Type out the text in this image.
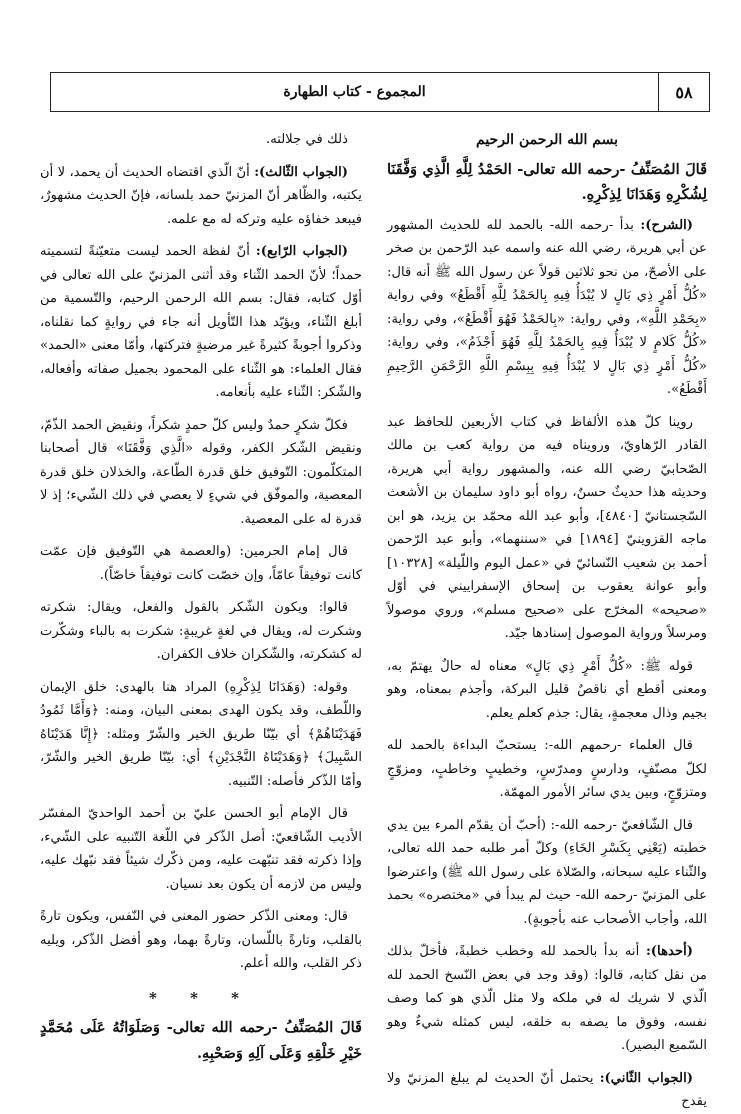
٥٨
المجموع - كتاب الطهارة
بسم الله الرحمن الرحيم
قَالَ المُصَنِّفُ -رحمه الله تعالى- الحَمْدُ لِلَّهِ الَّذِي وَفَّقَنَا لِشُكْرِهِ وَهَدَانَا لِذِكْرِهِ.

(الشرح): بدأ -رحمه الله- بالحمد لله للحديث المشهور عن أبي هريرة، رضي الله عنه واسمه عبد الرّحمن بن صخر على الأصحّ، من نحو ثلاثين قولاً عن رسول الله ﷺ أنه قال: «كُلُّ أَمْرٍ ذِي بَالٍ لا يُبْدَأُ فِيهِ بِالحَمْدُ لِلَّهِ أَقْطَعُ» وفي رواية «بِحَمْدِ اللَّهِ»، وفي رواية: «بِالحَمْدُ فَهُوَ أَقْطَعُ»، وفي رواية: «كُلُّ كَلامٍ لا يُبْدَأُ فِيهِ بِالحَمْدُ لِلَّهِ فَهُوَ أَجْذَمُ»، وفي رواية: «كُلُّ أَمْرٍ ذِي بَالٍ لا يُبْدَأُ فِيهِ بِبِسْمِ اللَّهِ الرَّحْمَنِ الرَّحِيمِ أَقْطَعُ».

روينا كلّ هذه الألفاظ في كتاب الأربعين للحافظ عبد القادر الرّهاويّ، ورويناه فيه من رواية كعب بن مالك الصّحابيّ رضي الله عنه، والمشهور رواية أبي هريرة، وحديثه هذا حديثٌ حسنٌ، رواه أبو داود سليمان بن الأشعث السّجستانيّ [٤٨٤٠]، وأبو عبد الله محمّد بن يزيد، هو ابن ماجه القزوينيّ [١٨٩٤] في «سننهما»، وأبو عبد الرّحمن أحمد بن شعيب النّسائيّ في «عمل اليوم واللّيلة» [١٠٣٢٨] وأبو عوانة يعقوب بن إسحاق الإسفراييني في أوّل «صحيحه» المخرّج على «صحيح مسلم»، وروي موصولاً ومرسلاً ورواية الموصول إسنادها جيّد.

قوله ﷺ: «كُلُّ أَمْرٍ ذِي بَالٍ» معناه له حالٌ يهتمّ به، ومعنى أقطع أي ناقصٌ قليل البركة، وأجذم بمعناه، وهو بجيم وذال معجمةٍ، يقال: جذم كعلم يعلم.

قال العلماء -رحمهم الله-: يستحبّ البداءة بالحمد لله لكلّ مصنّفٍ، ودارسٍ ومدرّسٍ، وخطيبٍ وخاطبٍ، ومزوّجٍ ومتزوّجٍ، وبين يدي سائر الأمور المهمّة.

قال الشّافعيّ -رحمه الله-: (أحبّ أن يقدّم المرء بين يدي خطبته (يَعْنِي بِكَسْرِ الخَاءِ) وكلّ أمر طلبه حمد الله تعالى، والثّناء عليه سبحانه، والصّلاة على رسول الله ﷺ) واعترضوا على المزنيّ -رحمه الله- حيث لم يبدأ في «مختصره» بحمد الله، وأجاب الأصحاب عنه بأجوبةٍ).

(أحدها): أنه بدأ بالحمد لله وخطب خطبةً، فأخلّ بذلك من نقل كتابه، قالوا: (وقد وجد في بعض النّسخ الحمد لله الّذي لا شريك له في ملكه ولا مثل الّذي هو كما وصف نفسه، وفوق ما يصفه به خلقه، ليس كمثله شيءٌ وهو السّميع البصير).

(الجواب الثّاني): يحتمل أنّ الحديث لم يبلغ المزنيّ ولا يقدح

ذلك في جلالته.

(الجواب الثّالث): أنّ الّذي اقتضاه الحديث أن يحمد، لا أن يكتبه، والظّاهر أنّ المزنيّ حمد بلسانه، فإنّ الحديث مشهورٌ، فيبعد خفاؤه عليه وتركه له مع علمه.

(الجواب الرّابع): أنّ لفظة الحمد ليست متعيّنةً لتسميته حمداً؛ لأنّ الحمد الثّناء وقد أثنى المزنيّ على الله تعالى في أوّل كتابه، فقال: بسم الله الرحمن الرحيم، والتّسمية من أبلغ الثّناء، ويؤيّد هذا التّأويل أنه جاء في روايةٍ كما نقلناه، وذكروا أجوبةً كثيرةً غير مرضيةٍ فتركتها، وأمّا معنى «الحمد» فقال العلماء: هو الثّناء على المحمود بجميل صفاته وأفعاله، والشّكر: الثّناء عليه بأنعامه.

فكلّ شكرٍ حمدٌ وليس كلّ حمدٍ شكراً، ونقيض الحمد الذّمّ، ونقيض الشّكر الكفر، وقوله «الَّذِي وَفَّقَنَا» قال أصحابنا المتكلّمون: التّوفيق خلق قدرة الطّاعة، والخذلان خلق قدرة المعصية، والموفّق في شيءٍ لا يعصي في ذلك الشّيء؛ إذ لا قدرة له على المعصية.

قال إمام الحرمين: (والعصمة هي التّوفيق فإن عمّت كانت توفيقاً عامّاً، وإن خصّت كانت توفيقاً خاصّاً).

قالوا: ويكون الشّكر بالقول والفعل، ويقال: شكرته وشكرت له، ويقال في لغةٍ غريبةٍ: شكرت به بالباء وشكّرت له كشكرته، والشّكران خلاف الكفران.

وقوله: (وَهَدَانَا لِذِكْرِهِ) المراد هنا بالهدى: خلق الإيمان واللّطف، وقد يكون الهدى بمعنى البيان، ومنه: ﴿وَأَمَّا ثَمُودُ فَهَدَيْنَاهُمْ﴾ أي بيّنّا طريق الخير والشّرّ ومثله: ﴿إِنَّا هَدَيْنَاهُ السَّبِيلَ﴾ ﴿وَهَدَيْنَاهُ النَّجْدَيْنِ﴾ أي: بيّنّا طريق الخير والشّرّ، وأمّا الذّكر فأصله: التّنبيه.

قال الإمام أبو الحسن عليّ بن أحمد الواحديّ المفسّر الأديب الشّافعيّ: أصل الذّكر في اللّغة التّنبيه على الشّيء، وإذا ذكرته فقد تنبّهت عليه، ومن ذكّرك شيئاً فقد نبّهك عليه، وليس من لازمه أن يكون بعد نسيان.

قال: ومعنى الذّكر حضور المعنى في النّفس، ويكون تارةً بالقلب، وتارةً باللّسان، وتارةً بهما، وهو أفضل الذّكر، ويليه ذكر القلب، والله أعلم.

* * *
قَالَ المُصَنِّفُ -رحمه الله تعالى- وَصَلَوَاتُهُ عَلَى مُحَمَّدٍ خَيْرِ خَلْقِهِ وَعَلَى آلِهِ وَصَحْبِهِ.
